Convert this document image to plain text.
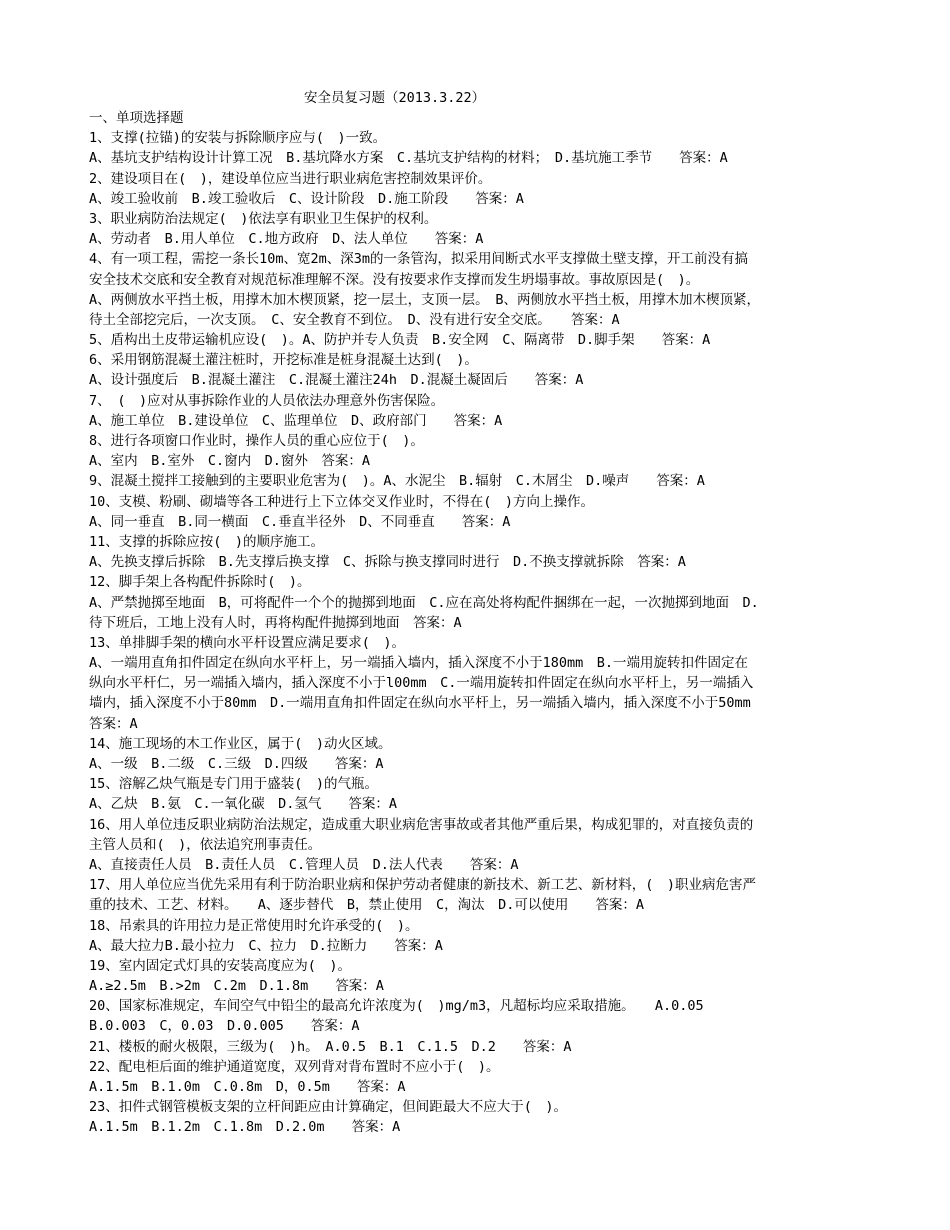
安全员复习题（2013.3.22）
一、单项选择题
1、支撑(拉锚)的安装与拆除顺序应与(　)一致。
A、基坑支护结构设计计算工况　B.基坑降水方案　C.基坑支护结构的材料；　D.基坑施工季节　　答案：A
2、建设项目在(　)，建设单位应当进行职业病危害控制效果评价。
A、竣工验收前　B.竣工验收后　C、设计阶段　D.施工阶段　　答案：A
3、职业病防治法规定(　)依法享有职业卫生保护的权利。
A、劳动者　B.用人单位　C.地方政府　D、法人单位　　答案：A
4、有一项工程，需挖一条长10m、宽2m、深3m的一条管沟，拟采用间断式水平支撑做土壁支撑，开工前没有搞
安全技术交底和安全教育对规范标准理解不深。没有按要求作支撑而发生坍塌事故。事故原因是(　)。
A、两侧放水平挡土板，用撑木加木楔顶紧，挖一层土，支顶一层。　B、两侧放水平挡土板，用撑木加木楔顶紧，
待土全部挖完后，一次支顶。　C、安全教育不到位。　D、没有进行安全交底。　　答案：A
5、盾构出土皮带运输机应设(　)。A、防护并专人负责　B.安全网　C、隔离带　D.脚手架　　答案：A
6、采用钢筋混凝土灌注桩时，开挖标准是桩身混凝土达到(　)。
A、设计强度后　B.混凝土灌注　C.混凝土灌注24h　D.混凝土凝固后　　答案：A
7、　(　)应对从事拆除作业的人员依法办理意外伤害保险。
A、施工单位　B.建设单位　C、监理单位　D、政府部门　　答案：A
8、进行各项窗口作业时，操作人员的重心应位于(　)。
A、室内　B.室外　C.窗内　D.窗外　答案：A
9、混凝土搅拌工接触到的主要职业危害为(　)。A、水泥尘　B.辐射　C.木屑尘　D.噪声　　答案：A
10、支模、粉刷、砌墙等各工种进行上下立体交叉作业时，不得在(　)方向上操作。
A、同一垂直　B.同一横面　C.垂直半径外　D、不同垂直　　答案：A
11、支撑的拆除应按(　)的顺序施工。
A、先换支撑后拆除　B.先支撑后换支撑　C、拆除与换支撑同时进行　D.不换支撑就拆除　答案：A
12、脚手架上各构配件拆除时(　)。
A、严禁抛掷至地面　B，可将配件一个个的抛掷到地面　C.应在高处将构配件捆绑在一起，一次抛掷到地面　D.
待下班后，工地上没有人时，再将构配件抛掷到地面　答案：A
13、单排脚手架的横向水平杆设置应满足要求(　)。
A、一端用直角扣件固定在纵向水平杆上，另一端插入墙内，插入深度不小于180mm　B.一端用旋转扣件固定在
纵向水平杆仁，另一端插入墙内，插入深度不小于l00mm　C.一端用旋转扣件固定在纵向水平杆上，另一端插入
墙内，插入深度不小于80mm　D.一端用直角扣件固定在纵向水平杆上，另一端插入墙内，插入深度不小于50mm
答案：A
14、施工现场的木工作业区，属于(　)动火区域。
A、一级　B.二级　C.三级　D.四级　　答案：A
15、溶解乙炔气瓶是专门用于盛装(　)的气瓶。
A、乙炔　B.氨　C.一氧化碳　D.氢气　　答案：A
16、用人单位违反职业病防治法规定，造成重大职业病危害事故或者其他严重后果，构成犯罪的，对直接负责的
主管人员和(　)，依法追究刑事责任。
A、直接责任人员　B.责任人员　C.管理人员　D.法人代表　　答案：A
17、用人单位应当优先采用有利于防治职业病和保护劳动者健康的新技术、新工艺、新材料，(　)职业病危害严
重的技术、工艺、材料。　　A、逐步替代　B，禁止使用　C，淘汰　D.可以使用　　答案：A
18、吊索具的许用拉力是正常使用时允许承受的(　)。
A、最大拉力B.最小拉力　C、拉力　D.拉断力　　答案：A
19、室内固定式灯具的安装高度应为(　)。
A.≥2.5m　B.>2m　C.2m　D.1.8m　　答案：A
20、国家标准规定，车间空气中铅尘的最高允许浓度为(　)mg/m3，凡超标均应采取措施。　　A.0.05
B.0.003　C，0.03　D.0.005　　答案：A
21、楼板的耐火极限，三级为(　)h。　A.0.5　B.1　C.1.5　D.2　　答案：A
22、配电柜后面的维护通道宽度，双列背对背布置时不应小于(　)。
A.1.5m　B.1.0m　C.0.8m　D，0.5m　　答案：A
23、扣件式钢管模板支架的立杆间距应由计算确定，但间距最大不应大于(　)。
A.1.5m　B.1.2m　C.1.8m　D.2.0m　　答案：A
